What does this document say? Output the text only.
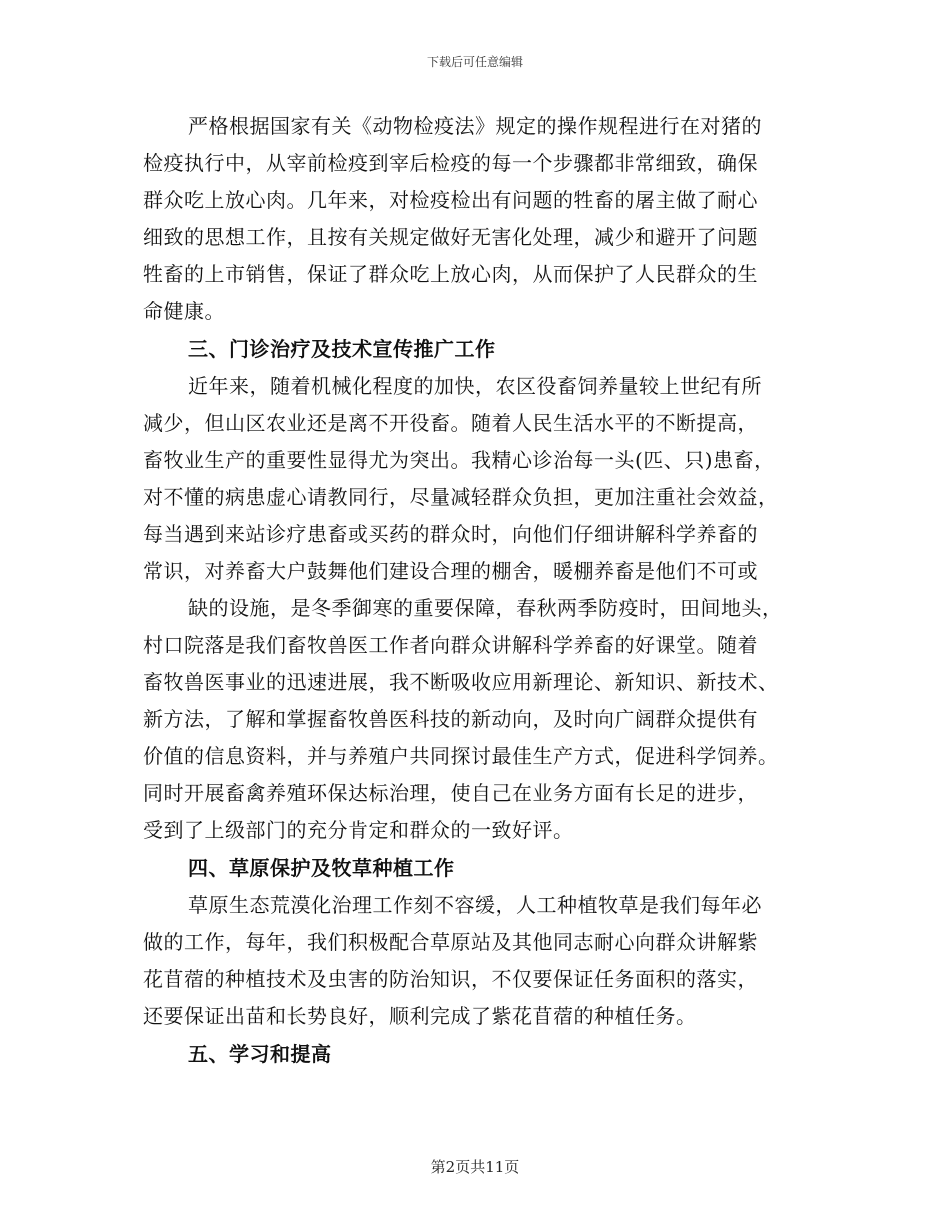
下载后可任意编辑
严格根据国家有关《动物检疫法》规定的操作规程进行在对猪的
检疫执行中，从宰前检疫到宰后检疫的每一个步骤都非常细致，确保
群众吃上放心肉。几年来，对检疫检出有问题的牲畜的屠主做了耐心
细致的思想工作，且按有关规定做好无害化处理，减少和避开了问题
牲畜的上市销售，保证了群众吃上放心肉，从而保护了人民群众的生
命健康。
三、门诊治疗及技术宣传推广工作
近年来，随着机械化程度的加快，农区役畜饲养量较上世纪有所
减少，但山区农业还是离不开役畜。随着人民生活水平的不断提高，
畜牧业生产的重要性显得尤为突出。我精心诊治每一头(匹、只)患畜，
对不懂的病患虚心请教同行，尽量减轻群众负担，更加注重社会效益，
每当遇到来站诊疗患畜或买药的群众时，向他们仔细讲解科学养畜的
常识，对养畜大户鼓舞他们建设合理的棚舍，暖棚养畜是他们不可或
缺的设施，是冬季御寒的重要保障，春秋两季防疫时，田间地头，
村口院落是我们畜牧兽医工作者向群众讲解科学养畜的好课堂。随着
畜牧兽医事业的迅速进展，我不断吸收应用新理论、新知识、新技术、
新方法，了解和掌握畜牧兽医科技的新动向，及时向广阔群众提供有
价值的信息资料，并与养殖户共同探讨最佳生产方式，促进科学饲养。
同时开展畜禽养殖环保达标治理，使自己在业务方面有长足的进步，
受到了上级部门的充分肯定和群众的一致好评。
四、草原保护及牧草种植工作
草原生态荒漠化治理工作刻不容缓，人工种植牧草是我们每年必
做的工作，每年，我们积极配合草原站及其他同志耐心向群众讲解紫
花苜蓿的种植技术及虫害的防治知识，不仅要保证任务面积的落实，
还要保证出苗和长势良好，顺利完成了紫花苜蓿的种植任务。
五、学习和提高
第2页共11页
